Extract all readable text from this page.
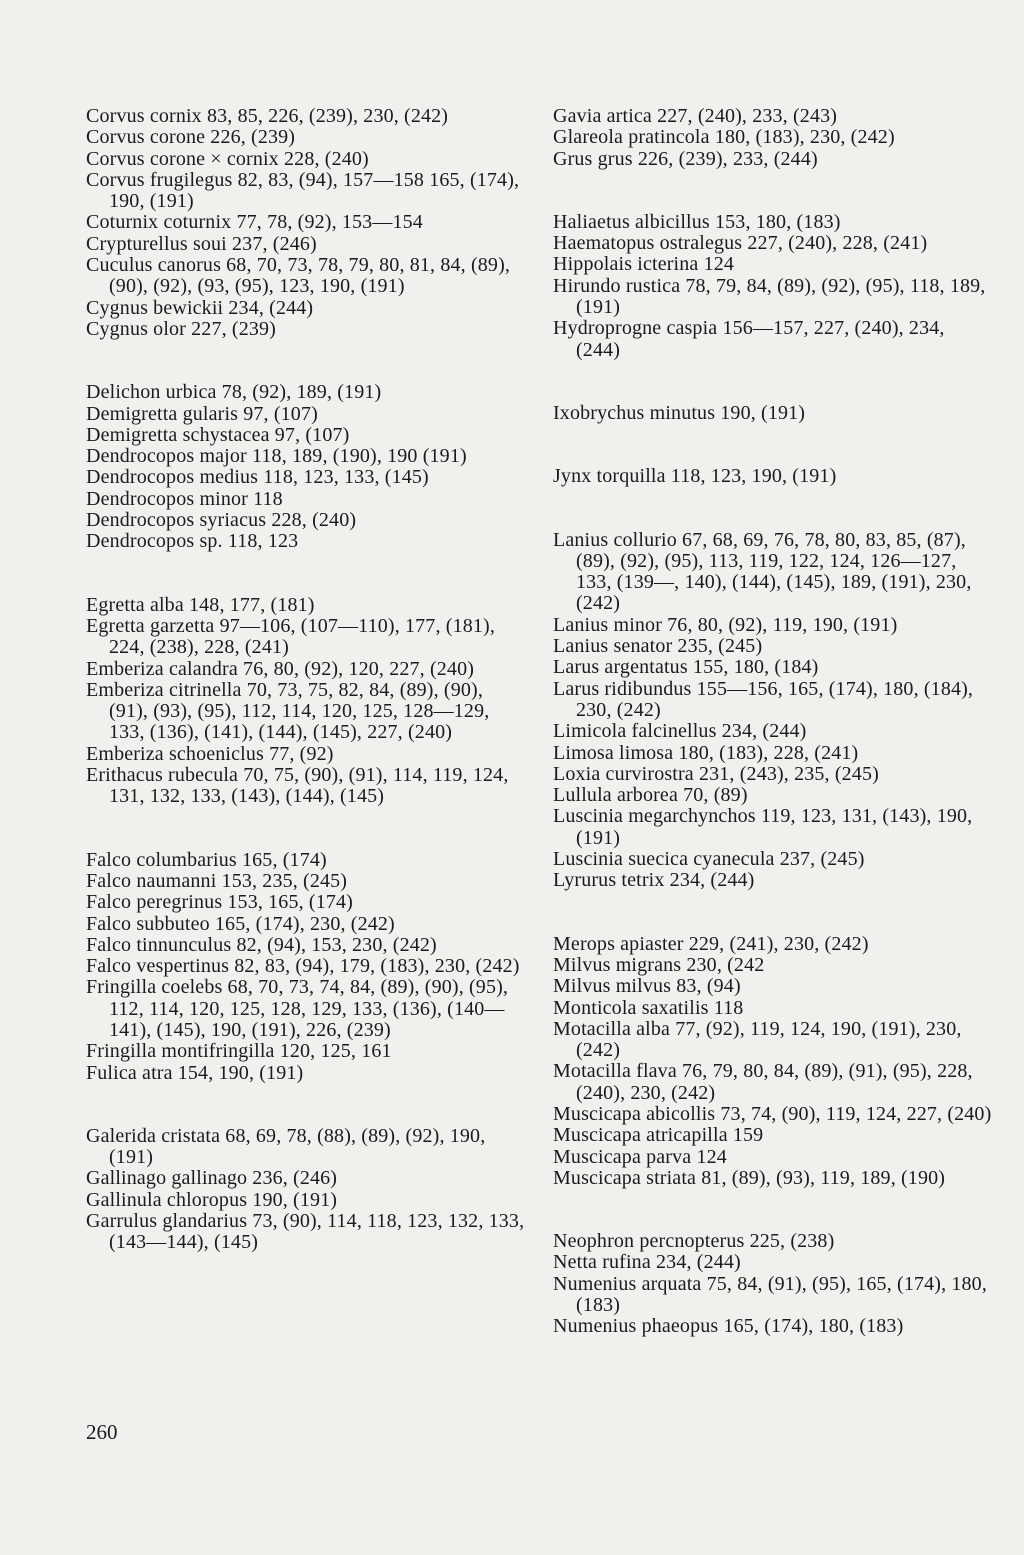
Corvus cornix 83, 85, 226, (239), 230, (242)

Corvus corone 226, (239)

Corvus corone × cornix 228, (240)

Corvus frugilegus 82, 83, (94), 157—158 165, (174), 190, (191)

Coturnix coturnix 77, 78, (92), 153—154

Crypturellus soui 237, (246)

Cuculus canorus 68, 70, 73, 78, 79, 80, 81, 84, (89), (90), (92), (93, (95), 123, 190, (191)

Cygnus bewickii 234, (244)

Cygnus olor 227, (239)

Delichon urbica 78, (92), 189, (191)

Demigretta gularis 97, (107)

Demigretta schystacea 97, (107)

Dendrocopos major 118, 189, (190), 190 (191)

Dendrocopos medius 118, 123, 133, (145)

Dendrocopos minor 118

Dendrocopos syriacus 228, (240)

Dendrocopos sp. 118, 123

Egretta alba 148, 177, (181)

Egretta garzetta 97—106, (107—110), 177, (181), 224, (238), 228, (241)

Emberiza calandra 76, 80, (92), 120, 227, (240)

Emberiza citrinella 70, 73, 75, 82, 84, (89), (90), (91), (93), (95), 112, 114, 120, 125, 128—129, 133, (136), (141), (144), (145), 227, (240)

Emberiza schoeniclus 77, (92)

Erithacus rubecula 70, 75, (90), (91), 114, 119, 124, 131, 132, 133, (143), (144), (145)

Falco columbarius 165, (174)

Falco naumanni 153, 235, (245)

Falco peregrinus 153, 165, (174)

Falco subbuteo 165, (174), 230, (242)

Falco tinnunculus 82, (94), 153, 230, (242)

Falco vespertinus 82, 83, (94), 179, (183), 230, (242)

Fringilla coelebs 68, 70, 73, 74, 84, (89), (90), (95), 112, 114, 120, 125, 128, 129, 133, (136), (140—141), (145), 190, (191), 226, (239)

Fringilla montifringilla 120, 125, 161

Fulica atra 154, 190, (191)

Galerida cristata 68, 69, 78, (88), (89), (92), 190, (191)

Gallinago gallinago 236, (246)

Gallinula chloropus 190, (191)

Garrulus glandarius 73, (90), 114, 118, 123, 132, 133, (143—144), (145)

Gavia artica 227, (240), 233, (243)

Glareola pratincola 180, (183), 230, (242)

Grus grus 226, (239), 233, (244)

Haliaetus albicillus 153, 180, (183)

Haematopus ostralegus 227, (240), 228, (241)

Hippolais icterina 124

Hirundo rustica 78, 79, 84, (89), (92), (95), 118, 189, (191)

Hydroprogne caspia 156—157, 227, (240), 234, (244)

Ixobrychus minutus 190, (191)

Jynx torquilla 118, 123, 190, (191)

Lanius collurio 67, 68, 69, 76, 78, 80, 83, 85, (87), (89), (92), (95), 113, 119, 122, 124, 126—127, 133, (139—, 140), (144), (145), 189, (191), 230, (242)

Lanius minor 76, 80, (92), 119, 190, (191)

Lanius senator 235, (245)

Larus argentatus 155, 180, (184)

Larus ridibundus 155—156, 165, (174), 180, (184), 230, (242)

Limicola falcinellus 234, (244)

Limosa limosa 180, (183), 228, (241)

Loxia curvirostra 231, (243), 235, (245)

Lullula arborea 70, (89)

Luscinia megarchynchos 119, 123, 131, (143), 190, (191)

Luscinia suecica cyanecula 237, (245)

Lyrurus tetrix 234, (244)

Merops apiaster 229, (241), 230, (242)

Milvus migrans 230, (242

Milvus milvus 83, (94)

Monticola saxatilis 118

Motacilla alba 77, (92), 119, 124, 190, (191), 230, (242)

Motacilla flava 76, 79, 80, 84, (89), (91), (95), 228, (240), 230, (242)

Muscicapa abicollis 73, 74, (90), 119, 124, 227, (240)

Muscicapa atricapilla 159

Muscicapa parva 124

Muscicapa striata 81, (89), (93), 119, 189, (190)

Neophron percnopterus 225, (238)

Netta rufina 234, (244)

Numenius arquata 75, 84, (91), (95), 165, (174), 180, (183)

Numenius phaeopus 165, (174), 180, (183)

260
